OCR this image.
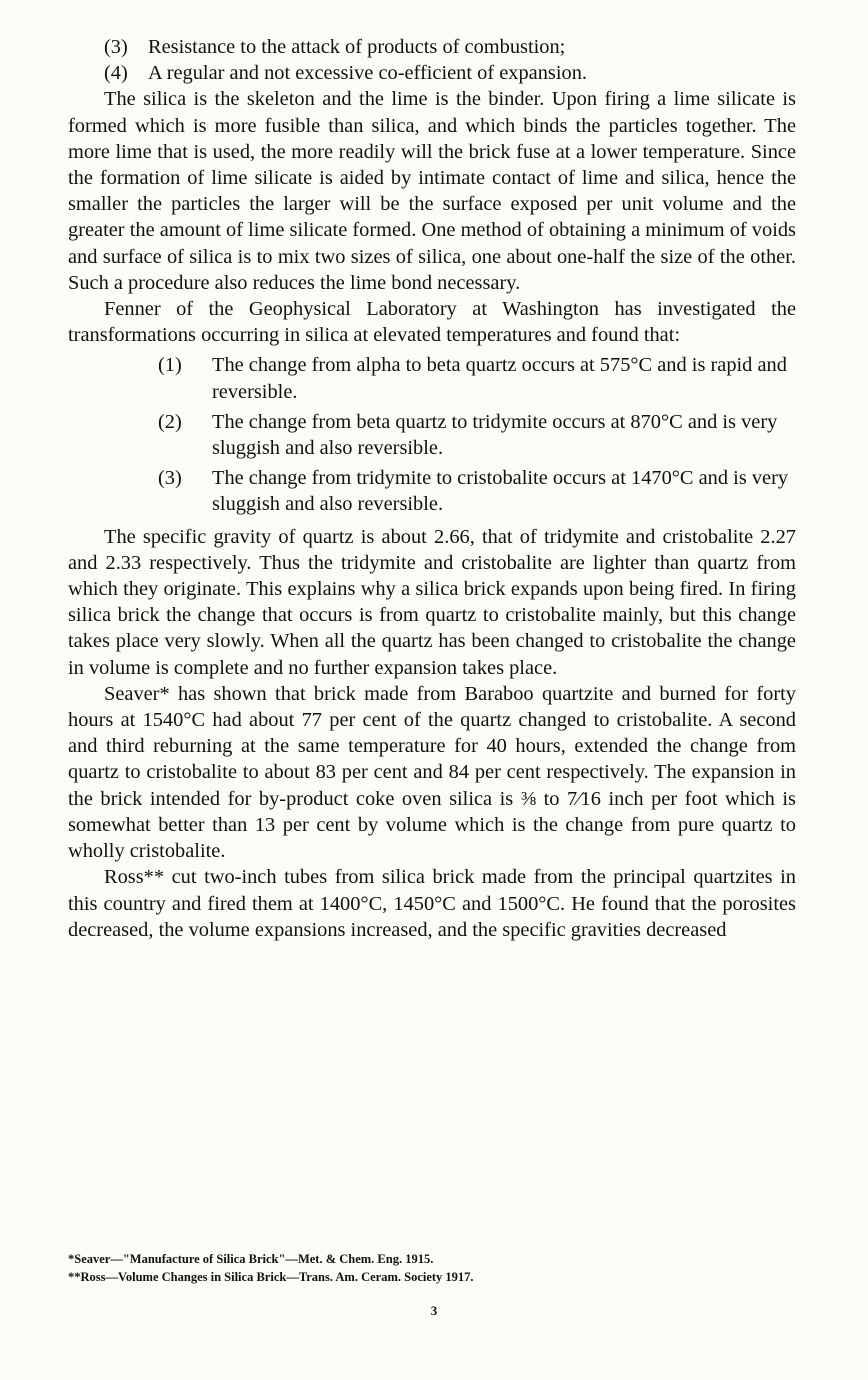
(3) Resistance to the attack of products of combustion;
(4) A regular and not excessive co-efficient of expansion.

The silica is the skeleton and the lime is the binder. Upon firing a lime silicate is formed which is more fusible than silica, and which binds the particles together. The more lime that is used, the more readily will the brick fuse at a lower temperature. Since the formation of lime silicate is aided by intimate contact of lime and silica, hence the smaller the particles the larger will be the surface exposed per unit volume and the greater the amount of lime silicate formed. One method of obtaining a minimum of voids and surface of silica is to mix two sizes of silica, one about one-half the size of the other. Such a procedure also reduces the lime bond necessary.

Fenner of the Geophysical Laboratory at Washington has investigated the transformations occurring in silica at elevated temperatures and found that:

(1) The change from alpha to beta quartz occurs at 575°C and is rapid and reversible.
(2) The change from beta quartz to tridymite occurs at 870°C and is very sluggish and also reversible.
(3) The change from tridymite to cristobalite occurs at 1470°C and is very sluggish and also reversible.

The specific gravity of quartz is about 2.66, that of tridymite and cristobalite 2.27 and 2.33 respectively. Thus the tridymite and cristobalite are lighter than quartz from which they originate. This explains why a silica brick expands upon being fired. In firing silica brick the change that occurs is from quartz to cristobalite mainly, but this change takes place very slowly. When all the quartz has been changed to cristobalite the change in volume is complete and no further expansion takes place.

Seaver* has shown that brick made from Baraboo quartzite and burned for forty hours at 1540°C had about 77 per cent of the quartz changed to cristobalite. A second and third reburning at the same temperature for 40 hours, extended the change from quartz to cristobalite to about 83 per cent and 84 per cent respectively. The expansion in the brick intended for by-product coke oven silica is ⅜ to 7⁄16 inch per foot which is somewhat better than 13 per cent by volume which is the change from pure quartz to wholly cristobalite.

Ross** cut two-inch tubes from silica brick made from the principal quartzites in this country and fired them at 1400°C, 1450°C and 1500°C. He found that the porosites decreased, the volume expansions increased, and the specific gravities decreased

*Seaver—"Manufacture of Silica Brick"—Met. & Chem. Eng. 1915.
**Ross—Volume Changes in Silica Brick—Trans. Am. Ceram. Society 1917.
3
